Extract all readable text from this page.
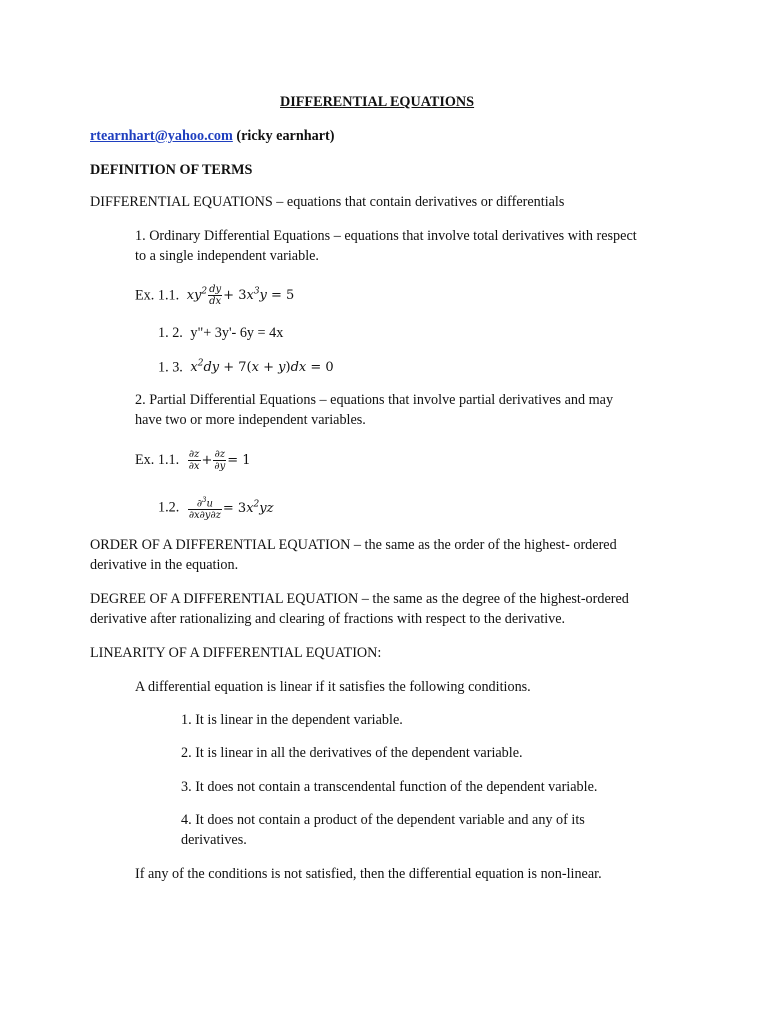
DIFFERENTIAL EQUATIONS
rtearnhart@yahoo.com (ricky earnhart)
DEFINITION OF TERMS
DIFFERENTIAL EQUATIONS – equations that contain derivatives or differentials
1. Ordinary Differential Equations – equations that involve total derivatives with respect
to a single independent variable.
Ex. 1.1. $xy^2 \frac{dy}{dx} + 3x^3y = 5$
1. 2. y"+ 3y'- 6y = 4x
1. 3. $x^2dy + 7(x + y)dx = 0$
2. Partial Differential Equations – equations that involve partial derivatives and may
have two or more independent variables.
Ex. 1.1. $\frac{\partial z}{\partial x} + \frac{\partial z}{\partial y} = 1$
1.2. $\frac{\partial^3u}{\partial x\partial y\partial z} = 3x^2yz$
ORDER OF A DIFFERENTIAL EQUATION – the same as the order of the highest- ordered
derivative in the equation.
DEGREE OF A DIFFERENTIAL EQUATION – the same as the degree of the highest-ordered
derivative after rationalizing and clearing of fractions with respect to the derivative.
LINEARITY OF A DIFFERENTIAL EQUATION:
A differential equation is linear if it satisfies the following conditions.
1. It is linear in the dependent variable.
2. It is linear in all the derivatives of the dependent variable.
3. It does not contain a transcendental function of the dependent variable.
4. It does not contain a product of the dependent variable and any of its
derivatives.
If any of the conditions is not satisfied, then the differential equation is non-linear.
